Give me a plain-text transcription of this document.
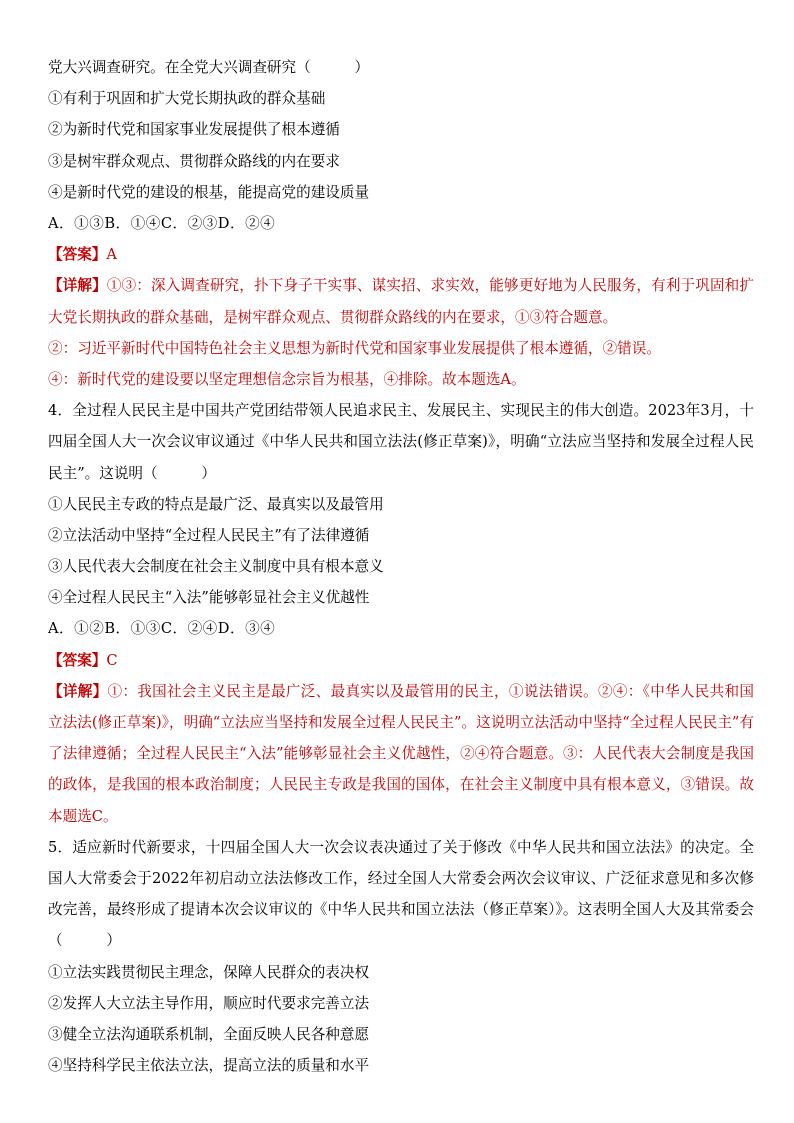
党大兴调查研究。在全党大兴调查研究（　　　）
①有利于巩固和扩大党长期执政的群众基础
②为新时代党和国家事业发展提供了根本遵循
③是树牢群众观点、贯彻群众路线的内在要求
④是新时代党的建设的根基，能提高党的建设质量
A．①③B．①④C．②③D．②④
【答案】A
【详解】①③：深入调查研究，扑下身子干实事、谋实招、求实效，能够更好地为人民服务，有利于巩固和扩大党长期执政的群众基础，是树牢群众观点、贯彻群众路线的内在要求，①③符合题意。
②：习近平新时代中国特色社会主义思想为新时代党和国家事业发展提供了根本遵循，②错误。
④：新时代党的建设要以坚定理想信念宗旨为根基，④排除。故本题选A。
4．全过程人民民主是中国共产党团结带领人民追求民主、发展民主、实现民主的伟大创造。2023年3月，十四届全国人大一次会议审议通过《中华人民共和国立法法(修正草案)》，明确“立法应当坚持和发展全过程人民民主”。这说明（　　　）
①人民民主专政的特点是最广泛、最真实以及最管用
②立法活动中坚持“全过程人民民主”有了法律遵循
③人民代表大会制度在社会主义制度中具有根本意义
④全过程人民民主“入法”能够彰显社会主义优越性
A．①②B．①③C．②④D．③④
【答案】C
【详解】①：我国社会主义民主是最广泛、最真实以及最管用的民主，①说法错误。②④：《中华人民共和国立法法(修正草案)》，明确“立法应当坚持和发展全过程人民民主”。这说明立法活动中坚持“全过程人民民主”有了法律遵循；全过程人民民主“入法”能够彰显社会主义优越性，②④符合题意。③：人民代表大会制度是我国的政体，是我国的根本政治制度；人民民主专政是我国的国体，在社会主义制度中具有根本意义，③错误。故本题选C。
5．适应新时代新要求，十四届全国人大一次会议表决通过了关于修改《中华人民共和国立法法》的决定。全国人大常委会于2022年初启动立法法修改工作，经过全国人大常委会两次会议审议、广泛征求意见和多次修改完善，最终形成了提请本次会议审议的《中华人民共和国立法法（修正草案）》。这表明全国人大及其常委会（　　　）
①立法实践贯彻民主理念，保障人民群众的表决权
②发挥人大立法主导作用，顺应时代要求完善立法
③健全立法沟通联系机制，全面反映人民各种意愿
④坚持科学民主依法立法，提高立法的质量和水平
